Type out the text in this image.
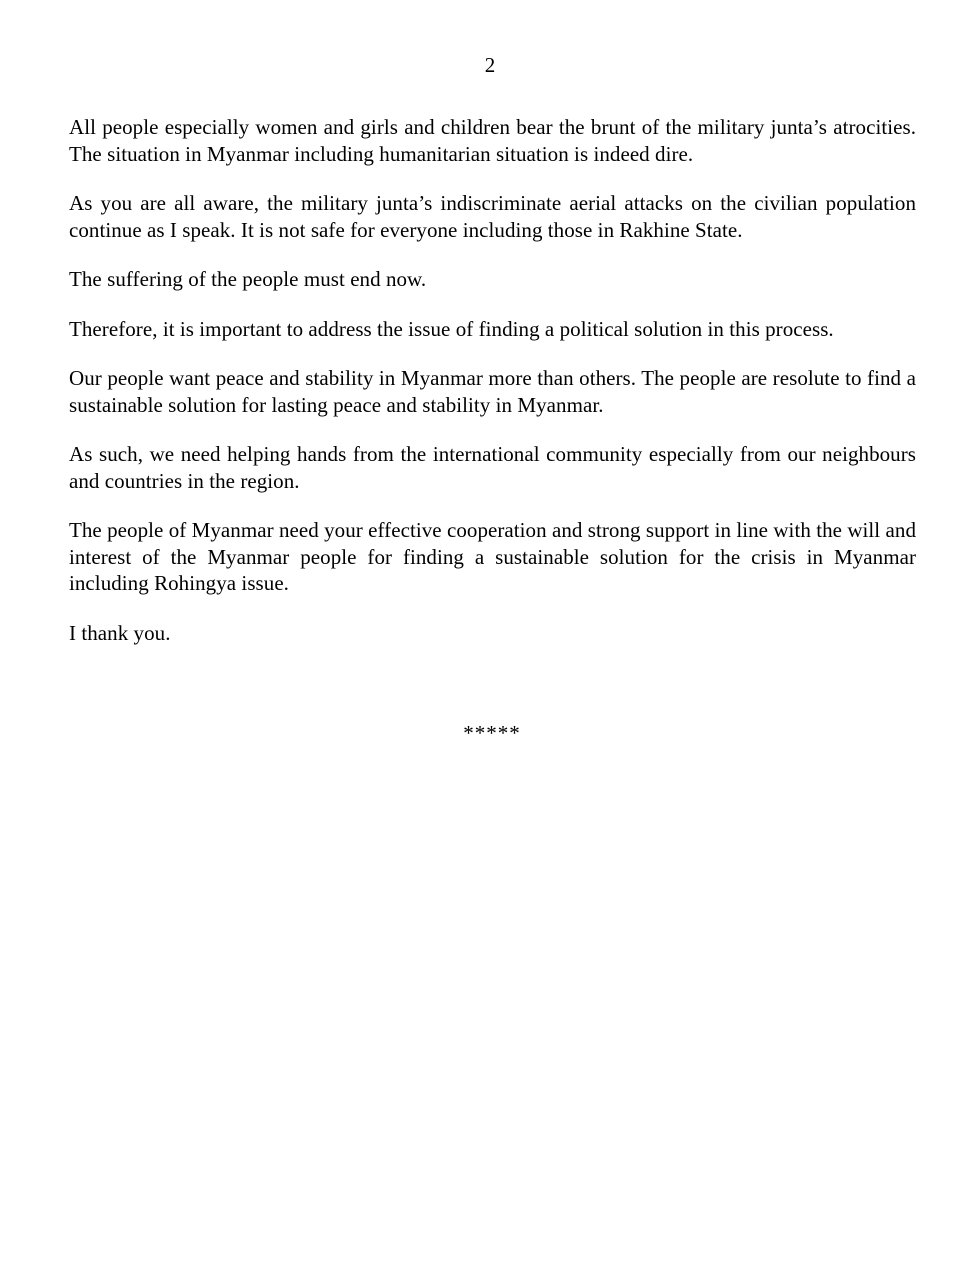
2

All people especially women and girls and children bear the brunt of the military junta’s atrocities. The situation in Myanmar including humanitarian situation is indeed dire.

As you are all aware, the military junta’s indiscriminate aerial attacks on the civilian population continue as I speak. It is not safe for everyone including those in Rakhine State.

The suffering of the people must end now.

Therefore, it is important to address the issue of finding a political solution in this process.

Our people want peace and stability in Myanmar more than others. The people are resolute to find a sustainable solution for lasting peace and stability in Myanmar.

As such, we need helping hands from the international community especially from our neighbours and countries in the region.

The people of Myanmar need your effective cooperation and strong support in line with the will and interest of the Myanmar people for finding a sustainable solution for the crisis in Myanmar including Rohingya issue.

I thank you.

*****
